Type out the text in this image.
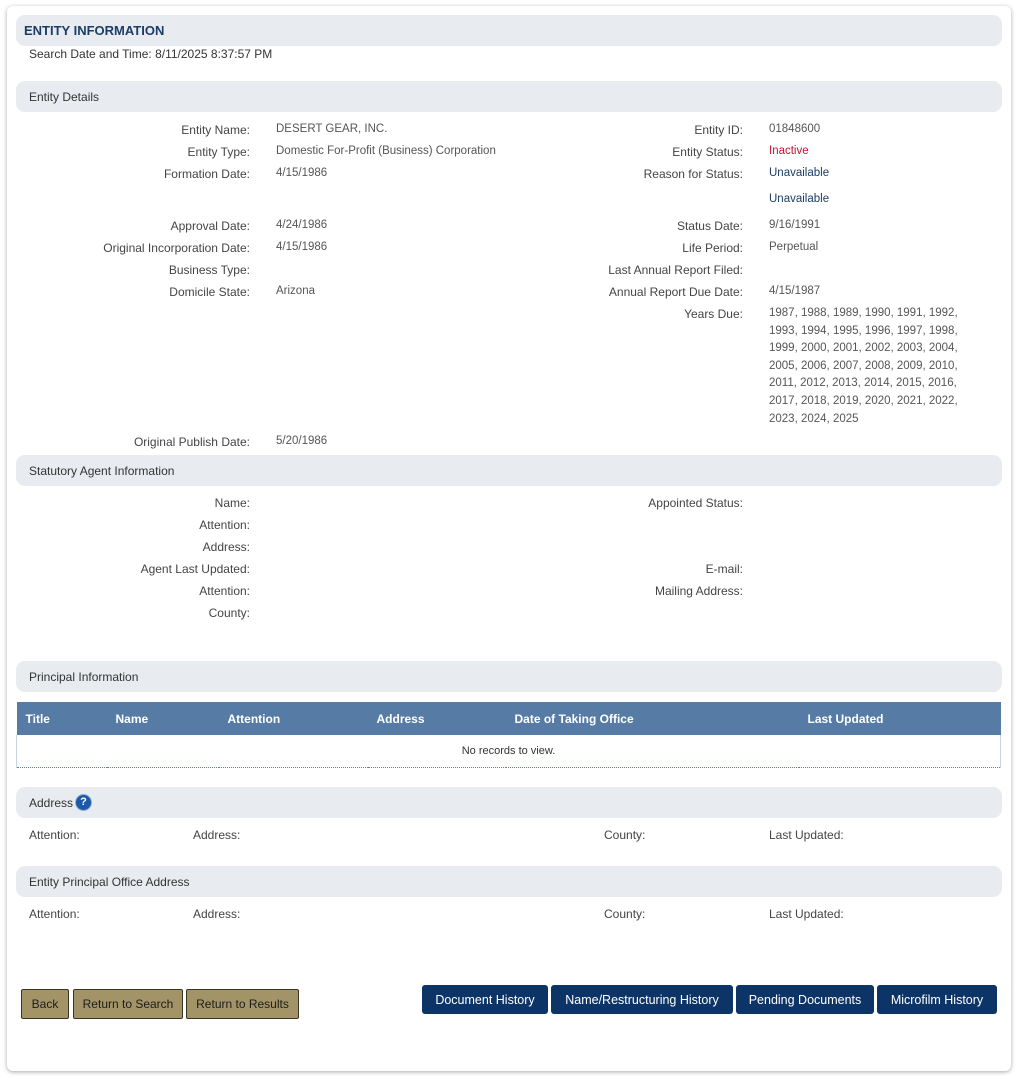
ENTITY INFORMATION
Search Date and Time: 8/11/2025 8:37:57 PM
Entity Details
Entity Name: DESERT GEAR, INC.
Entity Type: Domestic For-Profit (Business) Corporation
Formation Date: 4/15/1986
Approval Date: 4/24/1986
Original Incorporation Date: 4/15/1986
Business Type:
Domicile State: Arizona
Original Publish Date: 5/20/1986
Entity ID: 01848600
Entity Status: Inactive
Reason for Status: Unavailable
Unavailable
Status Date: 9/16/1991
Life Period: Perpetual
Last Annual Report Filed:
Annual Report Due Date: 4/15/1987
Years Due: 1987, 1988, 1989, 1990, 1991, 1992, 1993, 1994, 1995, 1996, 1997, 1998, 1999, 2000, 2001, 2002, 2003, 2004, 2005, 2006, 2007, 2008, 2009, 2010, 2011, 2012, 2013, 2014, 2015, 2016, 2017, 2018, 2019, 2020, 2021, 2022, 2023, 2024, 2025
Statutory Agent Information
Name:
Attention:
Address:
Agent Last Updated:
Attention:
County:
Appointed Status:
E-mail:
Mailing Address:
Principal Information
Title	Name	Attention	Address	Date of Taking Office	Last Updated
No records to view.
Address ?
Attention:	Address:	County:	Last Updated:
Entity Principal Office Address
Attention:	Address:	County:	Last Updated:
Back	Return to Search	Return to Results	Document History	Name/Restructuring History	Pending Documents	Microfilm History
